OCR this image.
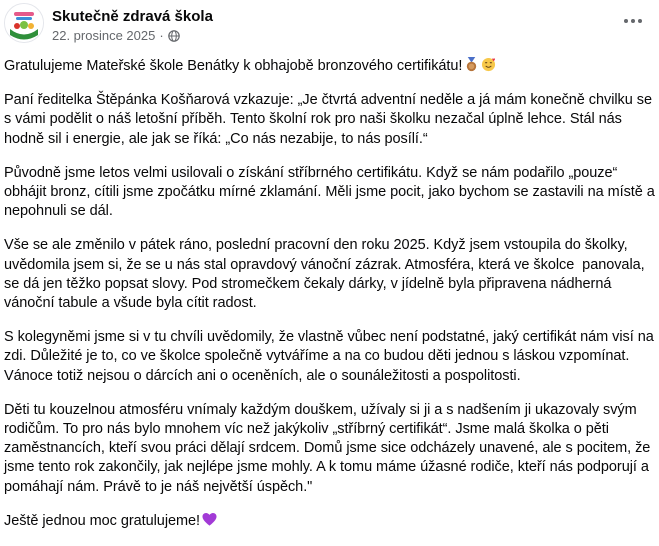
Skutečně zdravá škola
22. prosince 2025 ·

Gratulujeme Mateřské škole Benátky k obhajobě bronzového certifikátu!

Paní ředitelka Štěpánka Košňarová vzkazuje: „Je čtvrtá adventní neděle a já mám konečně chvilku se s vámi podělit o náš letošní příběh. Tento školní rok pro naši školku nezačal úplně lehce. Stál nás hodně sil i energie, ale jak se říká: „Co nás nezabije, to nás posílí.“

Původně jsme letos velmi usilovali o získání stříbrného certifikátu. Když se nám podařilo „pouze“ obhájit bronz, cítili jsme zpočátku mírné zklamání. Měli jsme pocit, jako bychom se zastavili na místě a nepohnuli se dál.

Vše se ale změnilo v pátek ráno, poslední pracovní den roku 2025. Když jsem vstoupila do školky, uvědomila jsem si, že se u nás stal opravdový vánoční zázrak. Atmosféra, která ve školce  panovala, se dá jen těžko popsat slovy. Pod stromečkem čekaly dárky, v jídelně byla připravena nádherná vánoční tabule a všude byla cítit radost.

S kolegyněmi jsme si v tu chvíli uvědomily, že vlastně vůbec není podstatné, jaký certifikát nám visí na zdi. Důležité je to, co ve školce společně vytváříme a na co budou děti jednou s láskou vzpomínat. Vánoce totiž nejsou o dárcích ani o oceněních, ale o sounáležitosti a pospolitosti.

Děti tu kouzelnou atmosféru vnímaly každým douškem, užívaly si ji a s nadšením ji ukazovaly svým rodičům. To pro nás bylo mnohem víc než jakýkoliv „stříbrný certifikát“. Jsme malá školka o pěti zaměstnancích, kteří svou práci dělají srdcem. Domů jsme sice odcházely unavené, ale s pocitem, že jsme tento rok zakončily, jak nejlépe jsme mohly. A k tomu máme úžasné rodiče, kteří nás podporují a pomáhají nám. Právě to je náš největší úspěch."

Ještě jednou moc gratulujeme!
